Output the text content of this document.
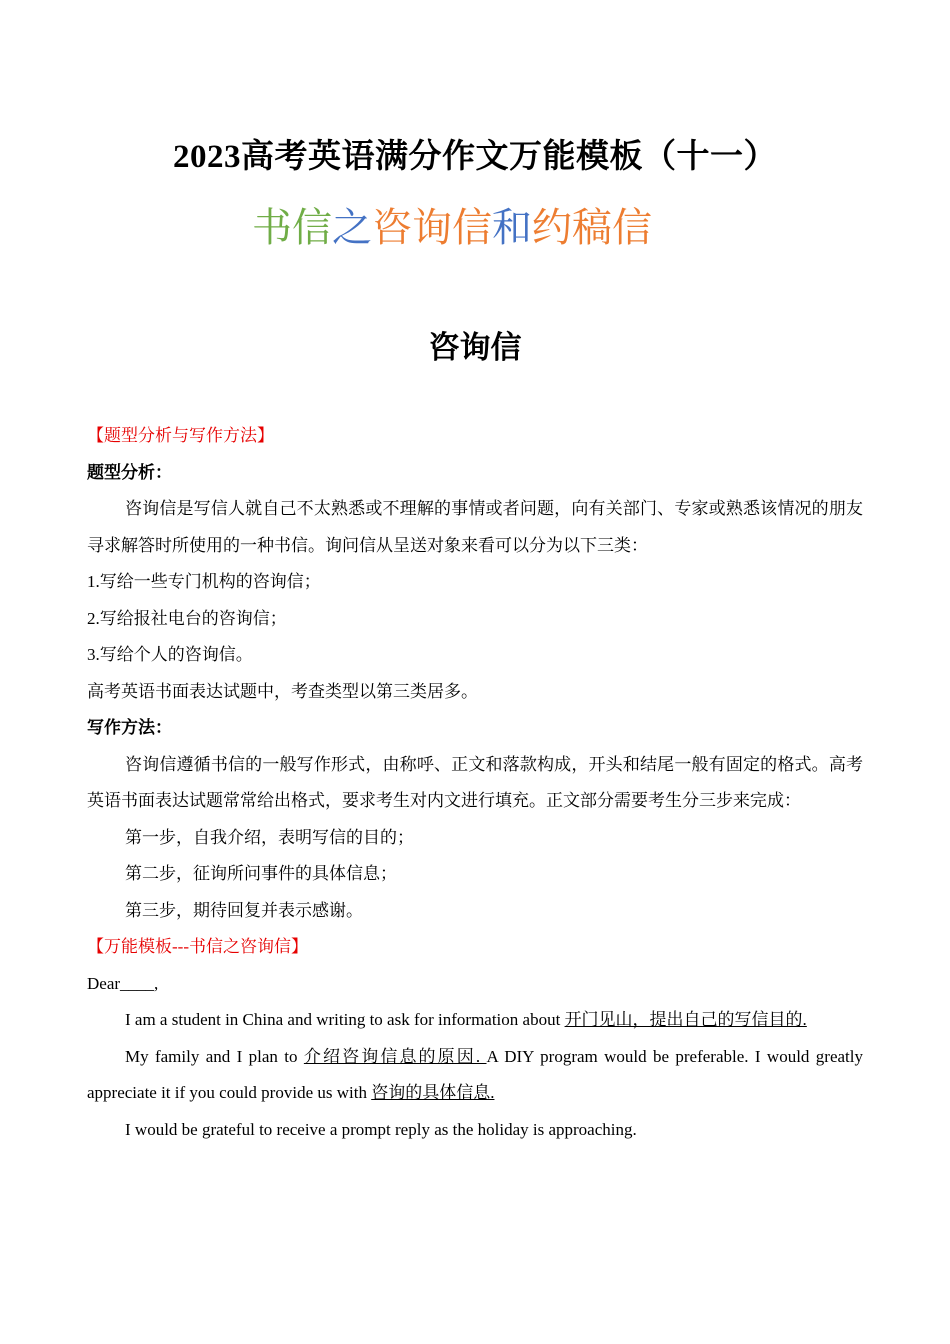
2023高考英语满分作文万能模板（十一）
书信之咨询信和约稿信
咨询信
【题型分析与写作方法】
题型分析：
咨询信是写信人就自己不太熟悉或不理解的事情或者问题，向有关部门、专家或熟悉该情况的朋友寻求解答时所使用的一种书信。询问信从呈送对象来看可以分为以下三类：
1.写给一些专门机构的咨询信；
2.写给报社电台的咨询信；
3.写给个人的咨询信。
高考英语书面表达试题中，考查类型以第三类居多。
写作方法：
咨询信遵循书信的一般写作形式，由称呼、正文和落款构成，开头和结尾一般有固定的格式。高考英语书面表达试题常常给出格式，要求考生对内文进行填充。正文部分需要考生分三步来完成：
第一步，自我介绍，表明写信的目的；
第二步，征询所问事件的具体信息；
第三步，期待回复并表示感谢。
【万能模板---书信之咨询信】
Dear____,
I am a student in China and writing to ask for information about 开门见山，提出自己的写信目的.
My family and I plan to 介绍咨询信息的原因. A DIY program would be preferable. I would greatly appreciate it if you could provide us with 咨询的具体信息.
I would be grateful to receive a prompt reply as the holiday is approaching.
